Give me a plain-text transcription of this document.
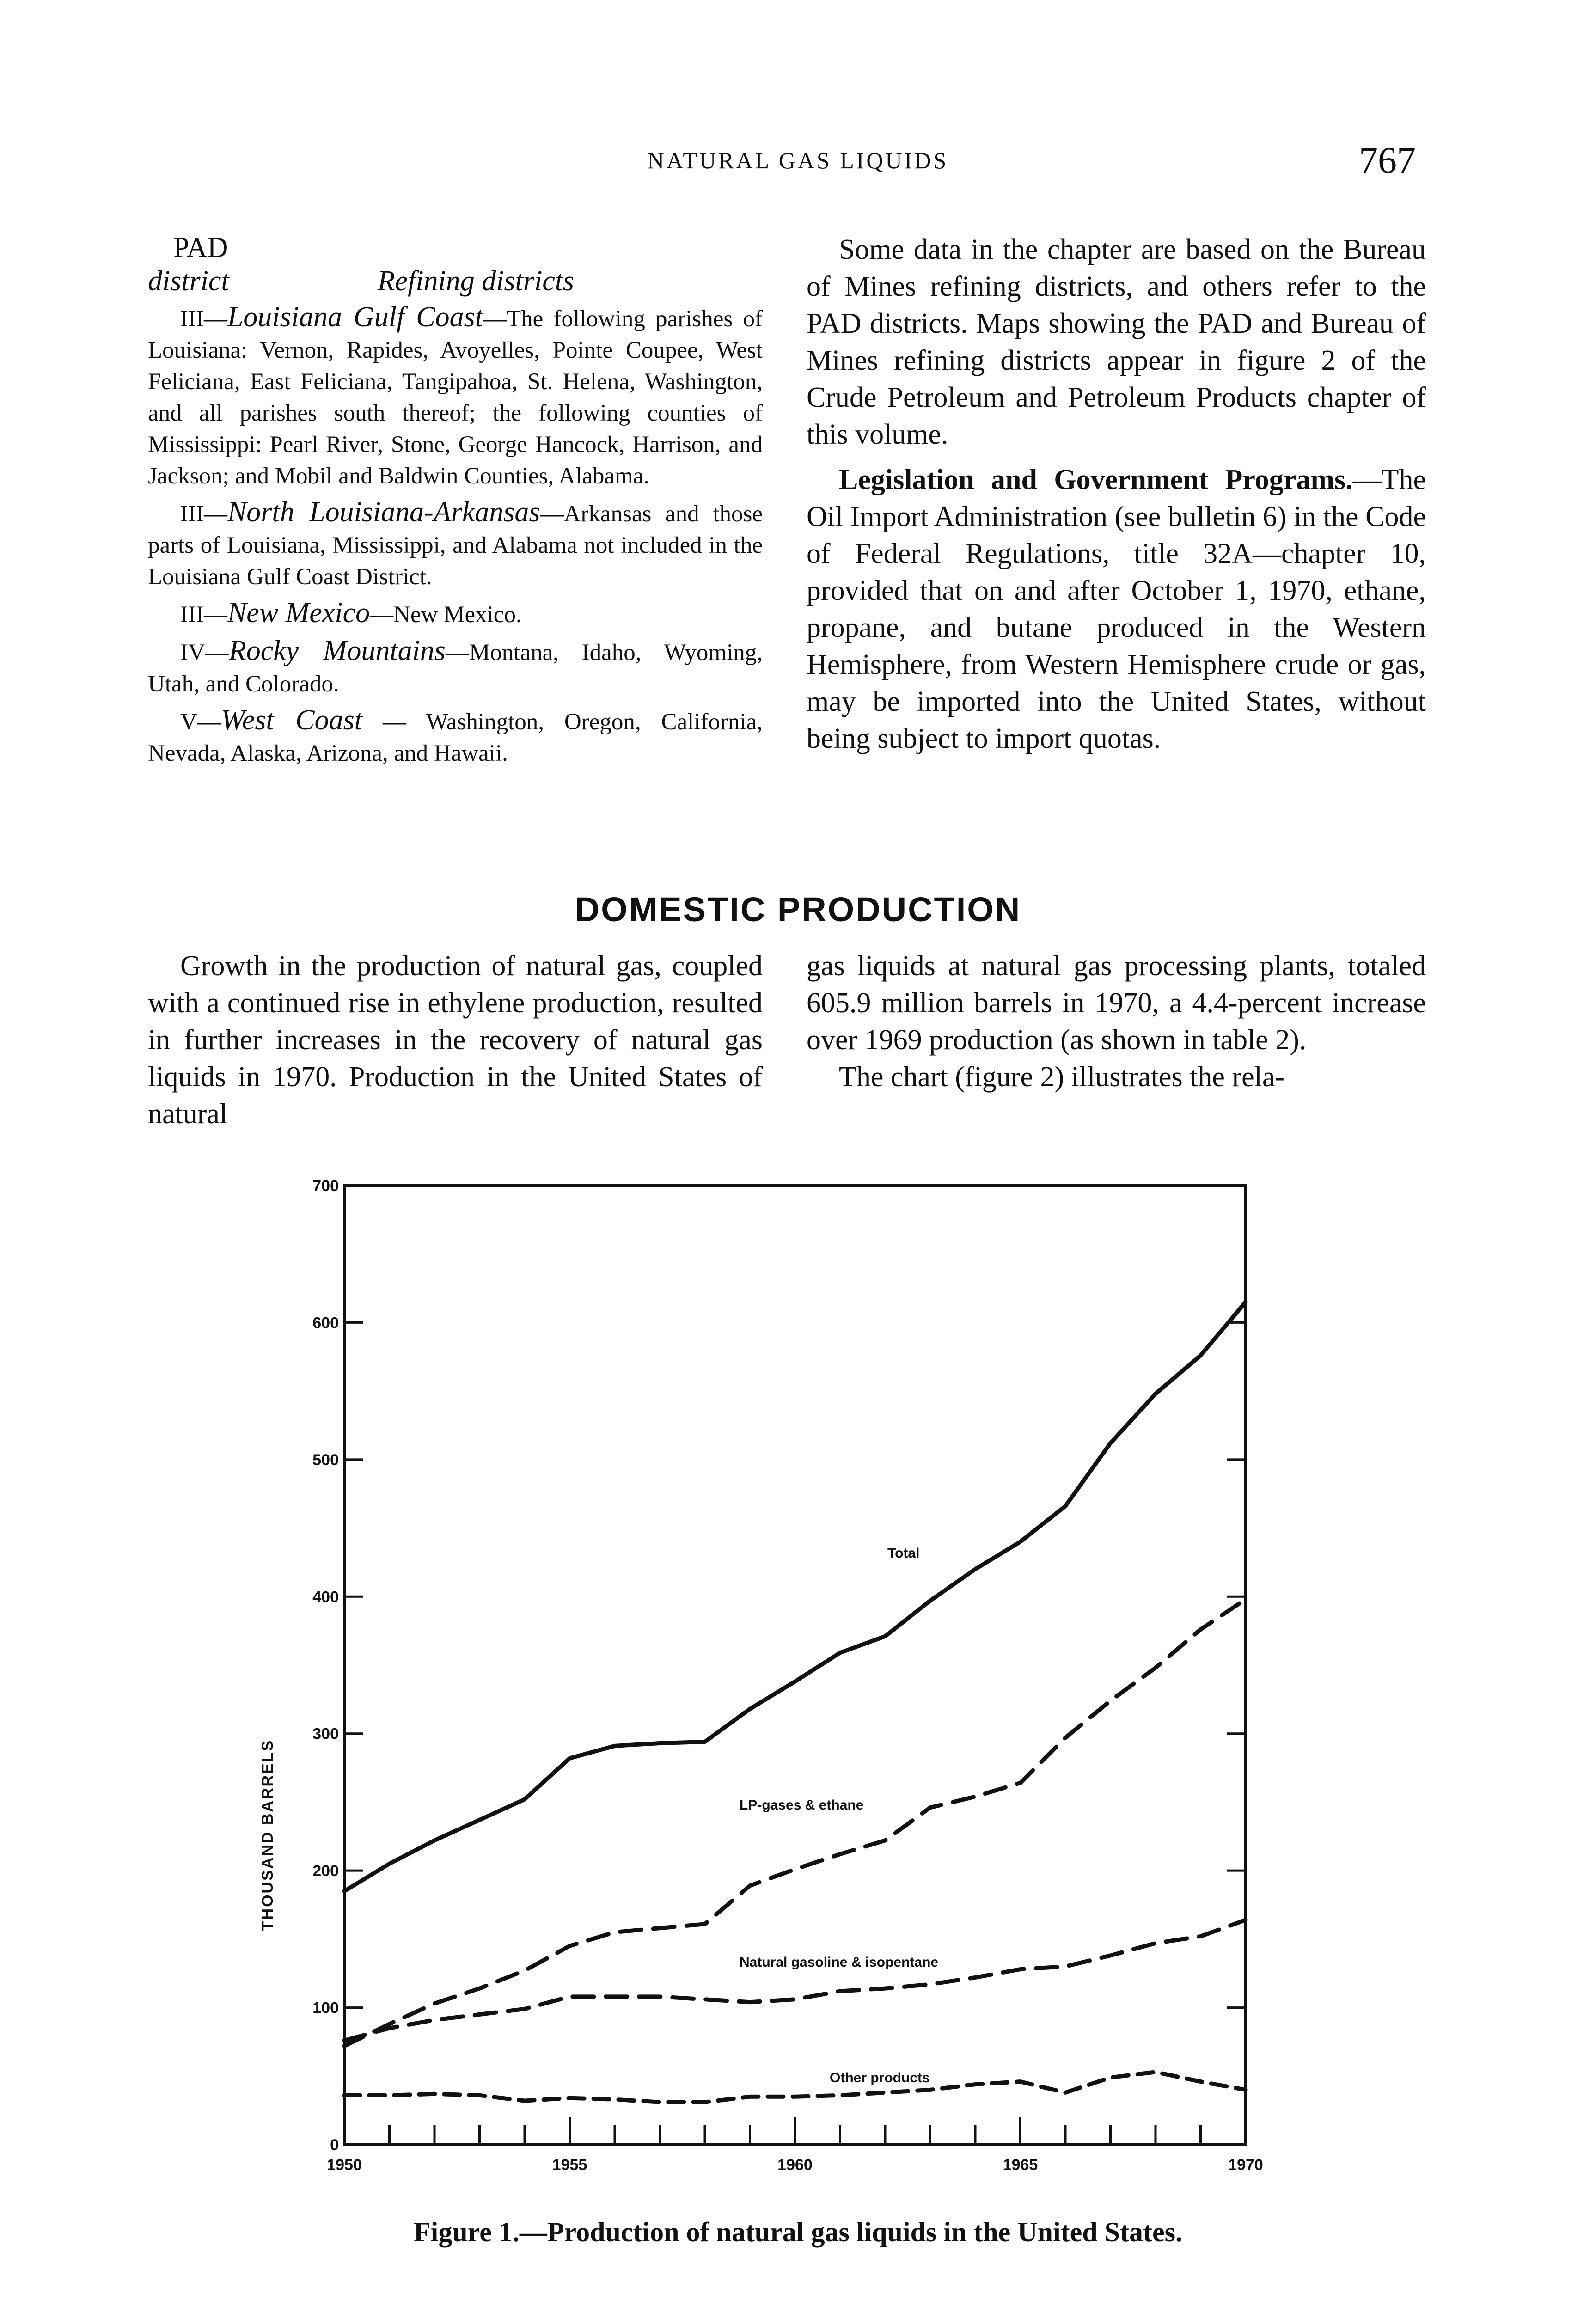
NATURAL GAS LIQUIDS	767
PAD
district	Refining districts

III—Louisiana Gulf Coast—The following parishes of Louisiana: Vernon, Rapides, Avoyelles, Pointe Coupee, West Feliciana, East Feliciana, Tangipahoa, St. Helena, Washington, and all parishes south thereof; the following counties of Mississippi: Pearl River, Stone, George Hancock, Harrison, and Jackson; and Mobil and Baldwin Counties, Alabama.

III—North Louisiana-Arkansas—Arkansas and those parts of Louisiana, Mississippi, and Alabama not included in the Louisiana Gulf Coast District.

III—New Mexico—New Mexico.

IV—Rocky Mountains—Montana, Idaho, Wyoming, Utah, and Colorado.

V—West Coast — Washington, Oregon, California, Nevada, Alaska, Arizona, and Hawaii.

Some data in the chapter are based on the Bureau of Mines refining districts, and others refer to the PAD districts. Maps showing the PAD and Bureau of Mines refining districts appear in figure 2 of the Crude Petroleum and Petroleum Products chapter of this volume.

Legislation and Government Programs.—The Oil Import Administration (see bulletin 6) in the Code of Federal Regulations, title 32A—chapter 10, provided that on and after October 1, 1970, ethane, propane, and butane produced in the Western Hemisphere, from Western Hemisphere crude or gas, may be imported into the United States, without being subject to import quotas.

DOMESTIC PRODUCTION

Growth in the production of natural gas, coupled with a continued rise in ethylene production, resulted in further increases in the recovery of natural gas liquids in 1970. Production in the United States of natural

gas liquids at natural gas processing plants, totaled 605.9 million barrels in 1970, a 4.4-percent increase over 1969 production (as shown in table 2).

The chart (figure 2) illustrates the rela-

0
100
200
300
400
500
600
700
1950	1955	1960	1965	1970
THOUSAND BARRELS
Total
LP-gases & ethane
Natural gasoline & isopentane
Other products
Figure 1.—Production of natural gas liquids in the United States.
